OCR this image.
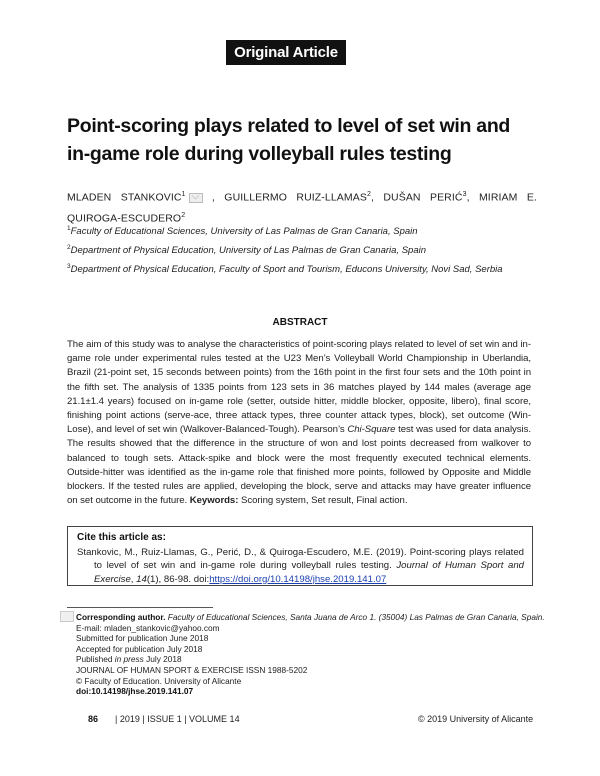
Original Article
Point-scoring plays related to level of set win and in-game role during volleyball rules testing
MLADEN STANKOVIC$^1$ , GUILLERMO RUIZ-LLAMAS$^2$, DUŠAN PERIĆ$^3$, MIRIAM E. QUIROGA-ESCUDERO$^2$
$^1$Faculty of Educational Sciences, University of Las Palmas de Gran Canaria, Spain
$^2$Department of Physical Education, University of Las Palmas de Gran Canaria, Spain
$^3$Department of Physical Education, Faculty of Sport and Tourism, Educons University, Novi Sad, Serbia
ABSTRACT
The aim of this study was to analyse the characteristics of point-scoring plays related to level of set win and in-game role under experimental rules tested at the U23 Men’s Volleyball World Championship in Uberlandia, Brazil (21-point set, 15 seconds between points) from the 16th point in the first four sets and the 10th point in the fifth set. The analysis of 1335 points from 123 sets in 36 matches played by 144 males (average age 21.1±1.4 years) focused on in-game role (setter, outside hitter, middle blocker, opposite, libero), final score, finishing point actions (serve-ace, three attack types, three counter attack types, block), set outcome (Win-Lose), and level of set win (Walkover-Balanced-Tough). Pearson’s Chi-Square test was used for data analysis. The results showed that the difference in the structure of won and lost points decreased from walkover to balanced to tough sets. Attack-spike and block were the most frequently executed technical elements. Outside-hitter was identified as the in-game role that finished more points, followed by Opposite and Middle blockers. If the tested rules are applied, developing the block, serve and attacks may have greater influence on set outcome in the future. Keywords: Scoring system, Set result, Final action.
Cite this article as:
Stankovic, M., Ruiz-Llamas, G., Perić, D., & Quiroga-Escudero, M.E. (2019). Point-scoring plays related to level of set win and in-game role during volleyball rules testing. Journal of Human Sport and Exercise, 14(1), 86-98. doi:https://doi.org/10.14198/jhse.2019.141.07
Corresponding author. Faculty of Educational Sciences, Santa Juana de Arco 1. (35004) Las Palmas de Gran Canaria, Spain.
E-mail: mladen_stankovic@yahoo.com
Submitted for publication June 2018
Accepted for publication July 2018
Published in press July 2018
JOURNAL OF HUMAN SPORT & EXERCISE ISSN 1988-5202
© Faculty of Education. University of Alicante
doi:10.14198/jhse.2019.141.07
86 | 2019 | ISSUE 1 | VOLUME 14	© 2019 University of Alicante
